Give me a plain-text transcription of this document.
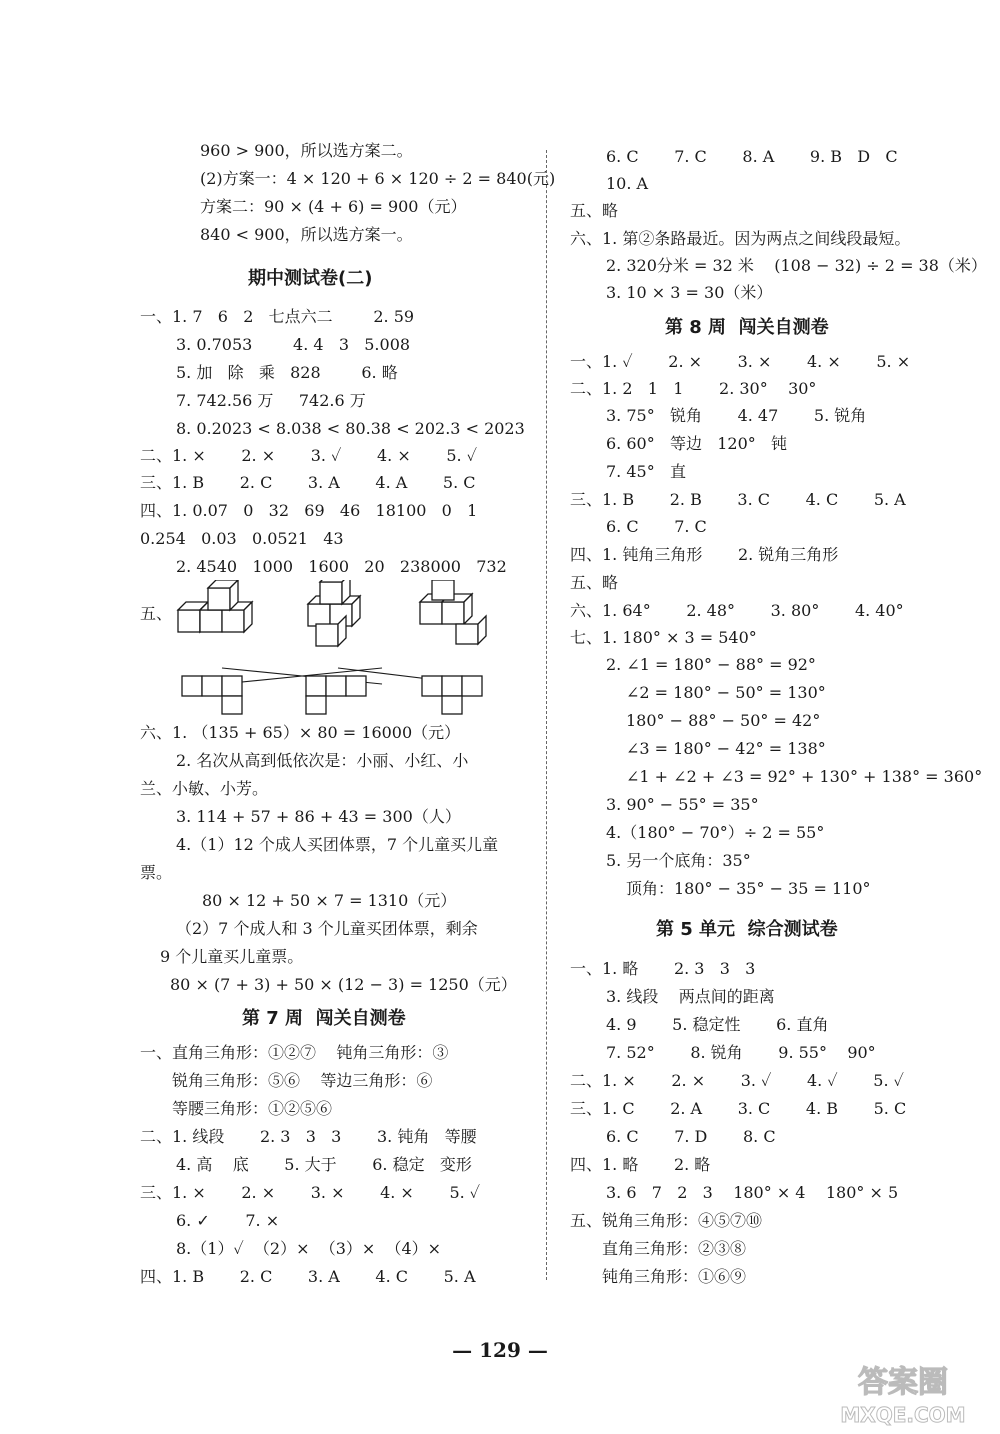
960 > 900，所以选方案二。
(2)方案一：4 × 120 + 6 × 120 ÷ 2 = 840(元)
方案二：90 × (4 + 6) = 900（元）
840 < 900，所以选方案一。
期中测试卷(二)
一、1. 7   6   2   七点六二        2. 59
3. 0.7053        4. 4   3   5.008
5. 加   除   乘   828        6. 略
7. 742.56 万     742.6 万
8. 0.2023 < 8.038 < 80.38 < 202.3 < 2023
二、1. ×       2. ×       3. ✓       4. ×       5. ✓
三、1. B       2. C       3. A       4. A       5. C
四、1. 0.07   0   32   69   46   18100   0   1
0.254   0.03   0.0521   43
2. 4540   1000   1600   20   238000   732
五、
六、1. （135 + 65）× 80 = 16000（元）
2. 名次从高到低依次是：小丽、小红、小
兰、小敏、小芳。
3. 114 + 57 + 86 + 43 = 300（人）
4.（1）12 个成人买团体票，7 个儿童买儿童
票。
80 × 12 + 50 × 7 = 1310（元）
（2）7 个成人和 3 个儿童买团体票，剩余
9 个儿童买儿童票。
80 × (7 + 3) + 50 × (12 − 3) = 1250（元）
第 7 周  闯关自测卷
一、直角三角形：①②⑦    钝角三角形：③
锐角三角形：⑤⑥    等边三角形：⑥
等腰三角形：①②⑤⑥
二、1. 线段       2. 3   3   3       3. 钝角   等腰
4. 高    底       5. 大于       6. 稳定   变形
三、1. ×       2. ×       3. ×       4. ×       5. ✓
6. ✓       7. ×
8.（1）✓  （2）×  （3）×  （4）×
四、1. B       2. C       3. A       4. C       5. A
6. C       7. C       8. A       9. B   D   C
10. A
五、略
六、1. 第②条路最近。因为两点之间线段最短。
2. 320分米 = 32 米    (108 − 32) ÷ 2 = 38（米）
3. 10 × 3 = 30（米）
第 8 周  闯关自测卷
一、1. ✓       2. ×       3. ×       4. ×       5. ×
二、1. 2   1   1       2. 30°    30°
3. 75°   锐角       4. 47       5. 锐角
6. 60°   等边   120°   钝
7. 45°   直
三、1. B       2. B       3. C       4. C       5. A
6. C       7. C
四、1. 钝角三角形       2. 锐角三角形
五、略
六、1. 64°       2. 48°       3. 80°       4. 40°
七、1. 180° × 3 = 540°
2. ∠1 = 180° − 88° = 92°
∠2 = 180° − 50° = 130°
180° − 88° − 50° = 42°
∠3 = 180° − 42° = 138°
∠1 + ∠2 + ∠3 = 92° + 130° + 138° = 360°
3. 90° − 55° = 35°
4.（180° − 70°）÷ 2 = 55°
5. 另一个底角：35°
顶角：180° − 35° − 35 = 110°
第 5 单元  综合测试卷
一、1. 略       2. 3   3   3
3. 线段    两点间的距离
4. 9       5. 稳定性       6. 直角
7. 52°       8. 锐角       9. 55°    90°
二、1. ×       2. ×       3. ✓       4. ✓       5. ✓
三、1. C       2. A       3. C       4. B       5. C
6. C       7. D       8. C
四、1. 略       2. 略
3. 6   7   2   3    180° × 4    180° × 5
五、锐角三角形：④⑤⑦⑩
直角三角形：②③⑧
钝角三角形：①⑥⑨
— 129 —
答案圈
MXQE.COM
